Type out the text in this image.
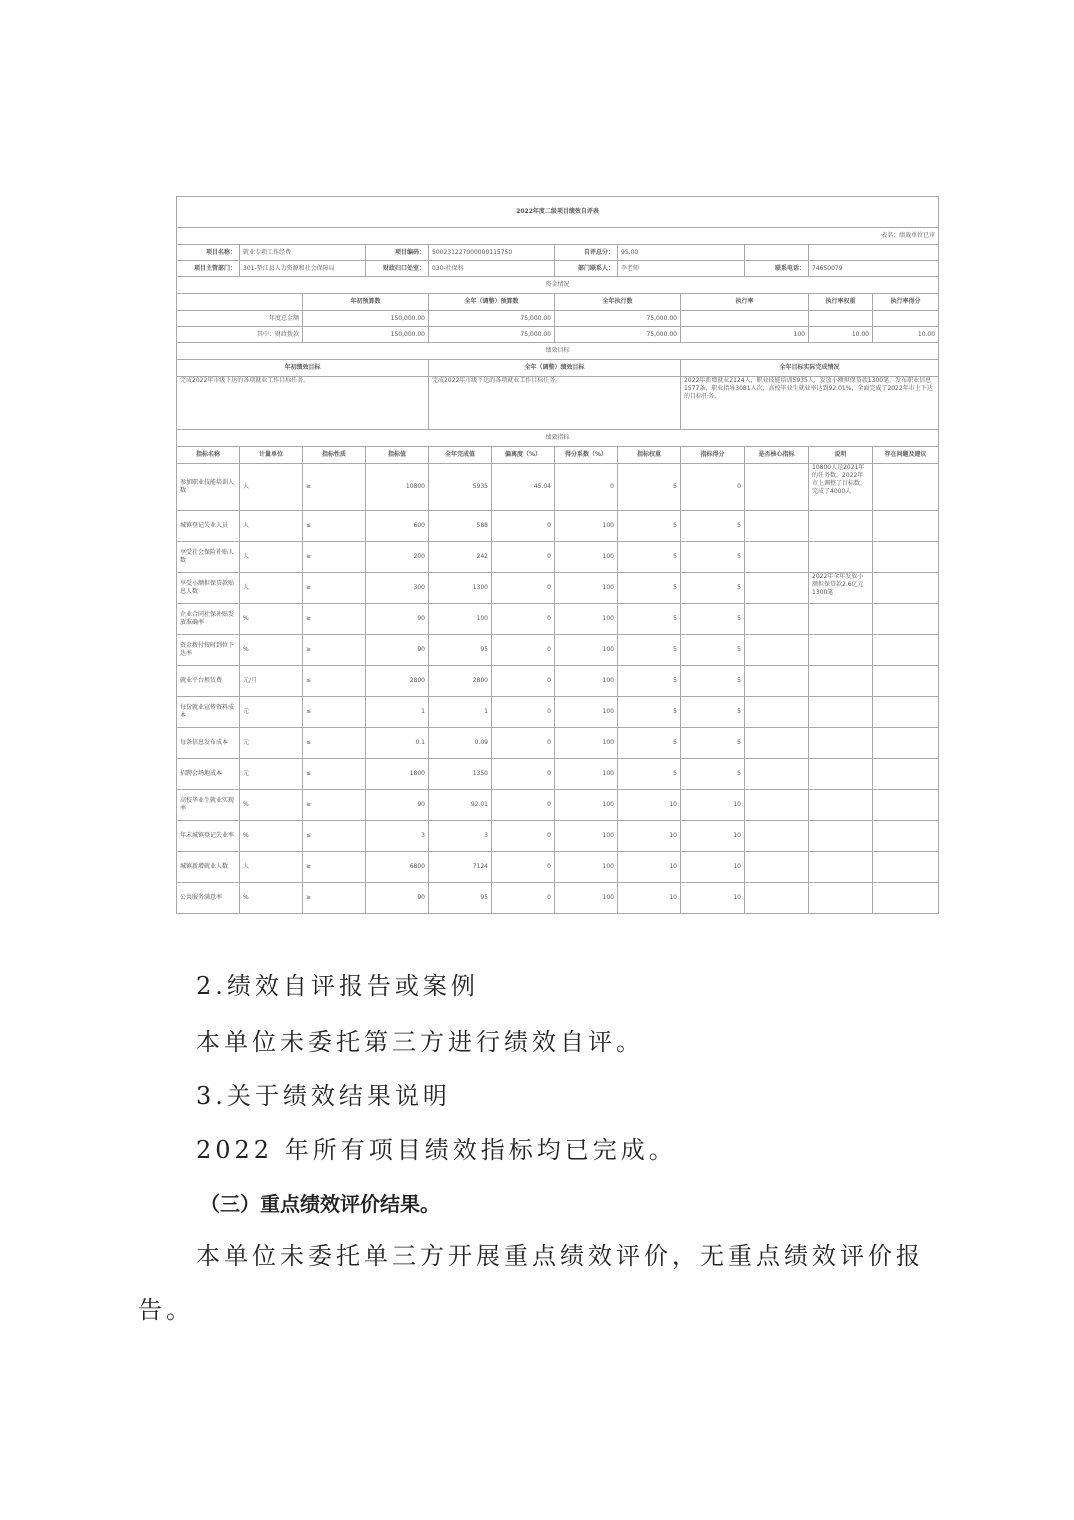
2022年度二级项目绩效自评表											
表名：绩效单位已审											
项目名称：	就业专项工作经费		项目编码：	500231227000000115750		自评总分：	95.00				
项目主管部门：	301-垫江县人力资源和社会保障局		财政归口处室：	030-社保科		部门联系人：	李老师		联系电话：	74650079	
资金情况											
		年初预算数		全年（调整）预算数		全年执行数		执行率		执行率权重	执行率得分
年度总金额		150,000.00		75,000.00		75,000.00					
其中：财政拨款		150,000.00		75,000.00		75,000.00		100		10.00	10.00
绩效目标											
年初绩效目标				全年（调整）绩效目标				全年目标实际完成情况			
完成2022年市级下达的各项就业工作目标任务。				完成2022年市级下达的各项就业工作目标任务。				2022年新增就业2124人，职业技能培训5935人，发放小额担保贷款1300笔，发布职业信息1577条，职业指导3081人次，高校毕业生就业率达到92.01%，全面完成了2022年市上下达的目标任务。			
绩效指标											
指标名称	计量单位	指标性质	指标值	全年完成值	偏离度（%）	得分系数（%）	指标权重	指标得分	是否核心指标	说明	存在问题及建议
参加职业技能培训人数	人	≥	10800	5935	45.04	0	5	0		10800人是2021年的任务数，2022年市上调整了目标数，完成了4000人	
城镇登记失业人员	人	≤	600	588	0	100	5	5			
享受社会保险补贴人数	人	≥	200	242	0	100	5	5			
享受小额担保贷款贴息人数	人	≥	300	1300	0	100	5	5		2022年全年发放小额担保贷款2.6亿元1300笔	
企业合同社保补贴发放准确率	%	≥	90	100	0	100	5	5			
资金拨付按时到位下达率	%	≥	90	95	0	100	5	5			
就业平台租赁费	元/月	≤	2800	2800	0	100	5	5			
每份就业宣传资料成本	元	≤	1	1	0	100	5	5			
每条信息发布成本	元	≤	0.1	0.09	0	100	5	5			
招聘会场地成本	元	≤	1800	1350	0	100	5	5			
高校毕业生就业实现率	%	≥	90	92.01	0	100	10	10			
年末城镇登记失业率	%	≤	3	3	0	100	10	10			
城镇新增就业人数	人	≥	6800	7124	0	100	10	10			
公共服务满意率	%	≥	90	95	0	100	10	10			
2.绩效自评报告或案例
本单位未委托第三方进行绩效自评。
3.关于绩效结果说明
2022 年所有项目绩效指标均已完成。
（三）重点绩效评价结果。
本单位未委托单三方开展重点绩效评价，无重点绩效评价报
告。
